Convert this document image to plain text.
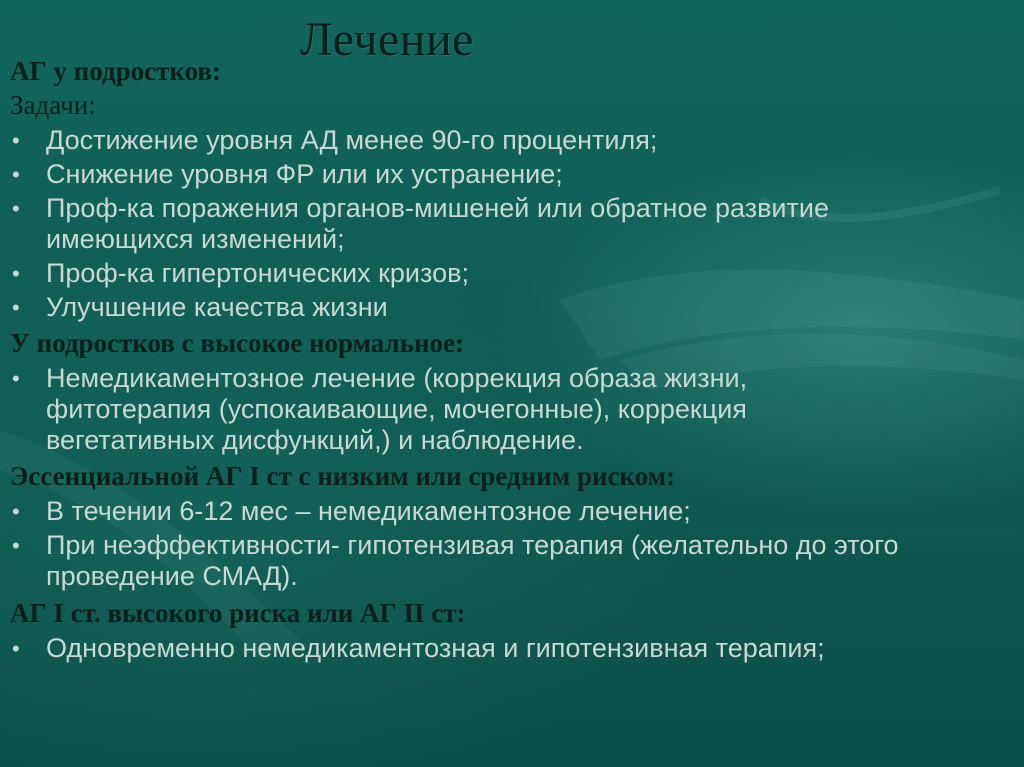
Лечение

АГ у подростков:

Задачи:

• Достижение уровня АД менее 90-го процентиля;
• Снижение уровня ФР или их устранение;
• Проф-ка поражения органов-мишеней или обратное развитие имеющихся изменений;
• Проф-ка гипертонических кризов;
• Улучшение качества жизни

У подростков с высокое нормальное:

• Немедикаментозное лечение (коррекция образа жизни, фитотерапия (успокаивающие, мочегонные), коррекция вегетативных дисфункций,) и наблюдение.

Эссенциальной АГ I ст с низким или средним риском:

• В течении 6-12 мес – немедикаментозное лечение;
• При неэффективности- гипотензивая терапия (желательно до этого проведение СМАД).

АГ I ст. высокого риска или АГ II ст:

• Одновременно немедикаментозная и гипотензивная терапия;
